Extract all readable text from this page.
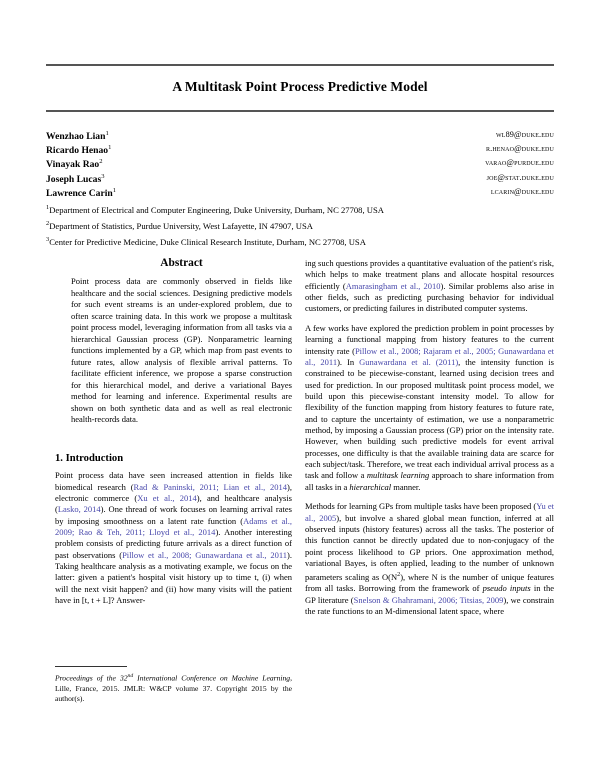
A Multitask Point Process Predictive Model
Wenzhao Lian$^1$	wl89@duke.edu
Ricardo Henao$^1$	r.henao@duke.edu
Vinayak Rao$^2$	varao@purdue.edu
Joseph Lucas$^3$	joe@stat.duke.edu
Lawrence Carin$^1$	lcarin@duke.edu
$^1$Department of Electrical and Computer Engineering, Duke University, Durham, NC 27708, USA
$^2$Department of Statistics, Purdue University, West Lafayette, IN 47907, USA
$^3$Center for Predictive Medicine, Duke Clinical Research Institute, Durham, NC 27708, USA
Abstract

Point process data are commonly observed in fields like healthcare and the social sciences. Designing predictive models for such event streams is an under-explored problem, due to often scarce training data. In this work we propose a multitask point process model, leveraging information from all tasks via a hierarchical Gaussian process (GP). Nonparametric learning functions implemented by a GP, which map from past events to future rates, allow analysis of flexible arrival patterns. To facilitate efficient inference, we propose a sparse construction for this hierarchical model, and derive a variational Bayes method for learning and inference. Experimental results are shown on both synthetic data and as well as real electronic health-records data.

1. Introduction

Point process data have seen increased attention in fields like biomedical research (Rad & Paninski, 2011; Lian et al., 2014), electronic commerce (Xu et al., 2014), and healthcare analysis (Lasko, 2014). One thread of work focuses on learning arrival rates by imposing smoothness on a latent rate function (Adams et al., 2009; Rao & Teh, 2011; Lloyd et al., 2014). Another interesting problem consists of predicting future arrivals as a direct function of past observations (Pillow et al., 2008; Gunawardana et al., 2011). Taking healthcare analysis as a motivating example, we focus on the latter: given a patient's hospital visit history up to time t, (i) when will the next visit happen? and (ii) how many visits will the patient have in [t, t + L]? Answer-

ing such questions provides a quantitative evaluation of the patient's risk, which helps to make treatment plans and allocate hospital resources efficiently (Amarasingham et al., 2010). Similar problems also arise in other fields, such as predicting purchasing behavior for individual customers, or predicting failures in distributed computer systems.

A few works have explored the prediction problem in point processes by learning a functional mapping from history features to the current intensity rate (Pillow et al., 2008; Rajaram et al., 2005; Gunawardana et al., 2011). In Gunawardana et al. (2011), the intensity function is constrained to be piecewise-constant, learned using decision trees and used for prediction. In our proposed multitask point process model, we build upon this piecewise-constant intensity model. To allow for flexibility of the function mapping from history features to future rate, and to capture the uncertainty of estimation, we use a nonparametric method, by imposing a Gaussian process (GP) prior on the intensity rate. However, when building such predictive models for event arrival processes, one difficulty is that the available training data are scarce for each subject/task. Therefore, we treat each individual arrival process as a task and follow a multitask learning approach to share information from all tasks in a hierarchical manner.

Methods for learning GPs from multiple tasks have been proposed (Yu et al., 2005), but involve a shared global mean function, inferred at all observed inputs (history features) across all the tasks. The posterior of this function cannot be directly updated due to non-conjugacy of the point process likelihood to GP priors. One approximation method, variational Bayes, is often applied, leading to the number of unknown parameters scaling as $O(N^2)$, where N is the number of unique features from all tasks. Borrowing from the framework of pseudo inputs in the GP literature (Snelson & Ghahramani, 2006; Titsias, 2009), we constrain the rate functions to an M-dimensional latent space, where

Proceedings of the 32nd International Conference on Machine Learning, Lille, France, 2015. JMLR: W&CP volume 37. Copyright 2015 by the author(s).
